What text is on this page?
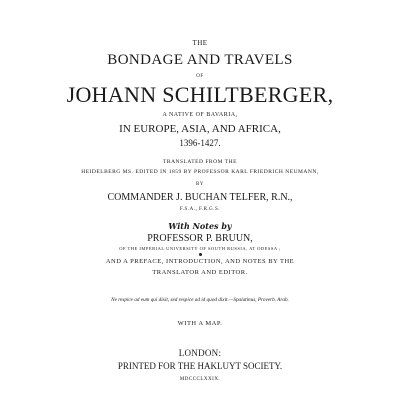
THE
BONDAGE AND TRAVELS
OF
JOHANN SCHILTBERGER,
A NATIVE OF BAVARIA,
IN EUROPE, ASIA, AND AFRICA,
1396-1427.
TRANSLATED FROM THE
HEIDELBERG MS. EDITED IN 1859 BY PROFESSOR KARL FRIEDRICH NEUMANN,
BY
COMMANDER J. BUCHAN TELFER, R.N.,
F.S.A., F.R.G.S.
With Notes by
PROFESSOR P. BRUUN,
OF THE IMPERIAL UNIVERSITY OF SOUTH RUSSIA, AT ODESSA ;
AND A PREFACE, INTRODUCTION, AND NOTES BY THE
TRANSLATOR AND EDITOR.
Ne respice ad eum qui dixit, sed respice ad id quod dixit.—Spalatinus, Proverb. Arab.
WITH A MAP.
LONDON:
PRINTED FOR THE HAKLUYT SOCIETY.
MDCCCLXXIX.
